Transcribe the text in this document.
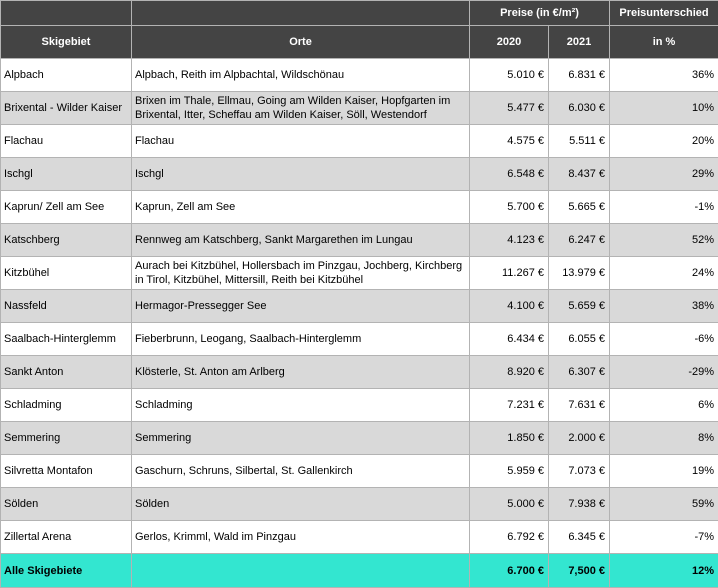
		Preise (in €/m²)		Preisunterschied
Skigebiet	Orte	2020	2021	in %
Alpbach	Alpbach, Reith im Alpbachtal, Wildschönau	5.010 €	6.831 €	36%
Brixental - Wilder Kaiser	Brixen im Thale, Ellmau, Going am Wilden Kaiser, Hopfgarten im Brixental, Itter, Scheffau am Wilden Kaiser, Söll, Westendorf	5.477 €	6.030 €	10%
Flachau	Flachau	4.575 €	5.511 €	20%
Ischgl	Ischgl	6.548 €	8.437 €	29%
Kaprun/ Zell am See	Kaprun, Zell am See	5.700 €	5.665 €	-1%
Katschberg	Rennweg am Katschberg, Sankt Margarethen im Lungau	4.123 €	6.247 €	52%
Kitzbühel	Aurach bei Kitzbühel, Hollersbach im Pinzgau, Jochberg, Kirchberg in Tirol, Kitzbühel, Mittersill, Reith bei Kitzbühel	11.267 €	13.979 €	24%
Nassfeld	Hermagor-Pressegger See	4.100 €	5.659 €	38%
Saalbach-Hinterglemm	Fieberbrunn, Leogang, Saalbach-Hinterglemm	6.434 €	6.055 €	-6%
Sankt Anton	Klösterle, St. Anton am Arlberg	8.920 €	6.307 €	-29%
Schladming	Schladming	7.231 €	7.631 €	6%
Semmering	Semmering	1.850 €	2.000 €	8%
Silvretta Montafon	Gaschurn, Schruns, Silbertal, St. Gallenkirch	5.959 €	7.073 €	19%
Sölden	Sölden	5.000 €	7.938 €	59%
Zillertal Arena	Gerlos, Krimml, Wald im Pinzgau	6.792 €	6.345 €	-7%
Alle Skigebiete		6.700 €	7,500 €	12%
